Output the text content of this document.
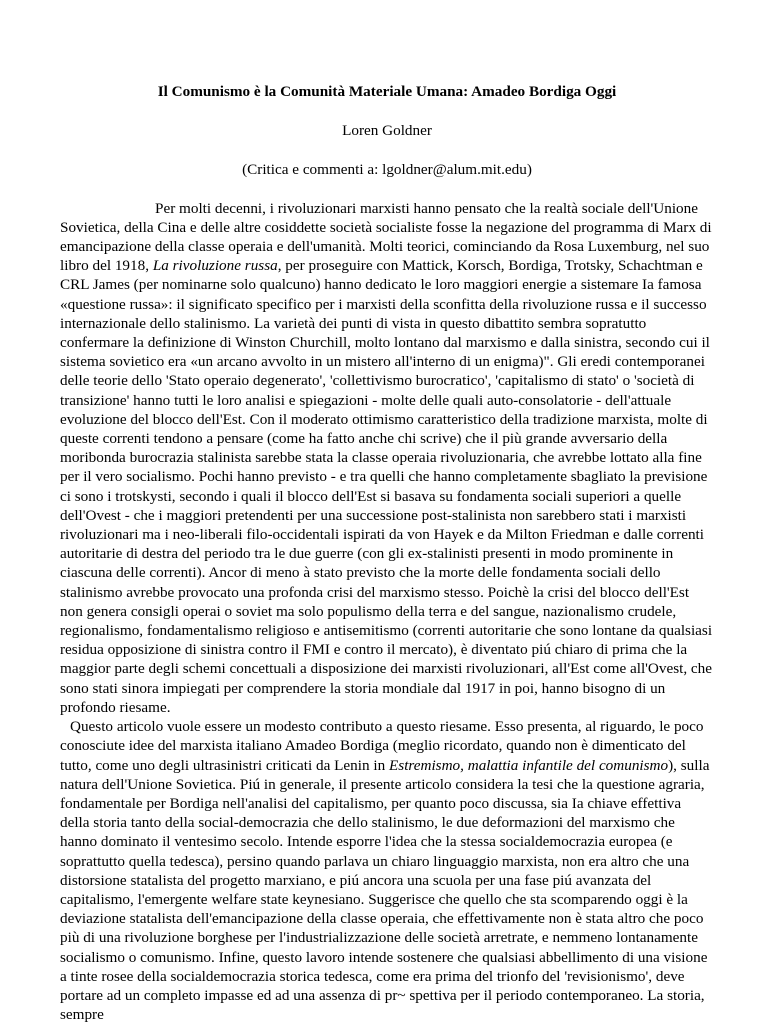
Il Comunismo è la Comunità Materiale Umana: Amadeo Bordiga Oggi
Loren Goldner
(Critica e commenti a: lgoldner@alum.mit.edu)
Per molti decenni, i rivoluzionari marxisti hanno pensato che la realtà sociale dell'Unione Sovietica, della Cina e delle altre cosiddette società socialiste fosse la negazione del programma di Marx di emancipazione della classe operaia e dell'umanità. Molti teorici, cominciando da Rosa Luxemburg, nel suo libro del 1918, La rivoluzione russa, per proseguire con Mattick, Korsch, Bordiga, Trotsky, Schachtman e CRL James (per nominarne solo qualcuno) hanno dedicato le loro maggiori energie a sistemare Ia famosa «questione russa»: il significato specifico per i marxisti della sconfitta della rivoluzione russa e il successo internazionale dello stalinismo. La varietà dei punti di vista in questo dibattito sembra sopratutto confermare la definizione di Winston Churchill, molto lontano dal marxismo e dalla sinistra, secondo cui il sistema sovietico era «un arcano avvolto in un mistero all'interno di un enigma)". Gli eredi contemporanei delle teorie dello 'Stato operaio degenerato', 'collettivismo burocratico', 'capitalismo di stato' o 'società di transizione' hanno tutti le loro analisi e spiegazioni - molte delle quali auto-consolatorie - dell'attuale evoluzione del blocco dell'Est. Con il moderato ottimismo caratteristico della tradizione marxista, molte di queste correnti tendono a pensare (come ha fatto anche chi scrive) che il più grande avversario della moribonda burocrazia stalinista sarebbe stata la classe operaia rivoluzionaria, che avrebbe lottato alla fine per il vero socialismo. Pochi hanno previsto - e tra quelli che hanno completamente sbagliato la previsione ci sono i trotskysti, secondo i quali il blocco dell'Est si basava su fondamenta sociali superiori a quelle dell'Ovest - che i maggiori pretendenti per una successione post-stalinista non sarebbero stati i marxisti rivoluzionari ma i neo-liberali filo-occidentali ispirati da von Hayek e da Milton Friedman e dalle correnti autoritarie di destra del periodo tra le due guerre (con gli ex-stalinisti presenti in modo prominente in ciascuna delle correnti). Ancor di meno à stato previsto che la morte delle fondamenta sociali dello stalinismo avrebbe provocato una profonda crisi del marxismo stesso. Poichè la crisi del blocco dell'Est non genera consigli operai o soviet ma solo populismo della terra e del sangue, nazionalismo crudele, regionalismo, fondamentalismo religioso e antisemitismo (correnti autoritarie che sono lontane da qualsiasi residua opposizione di sinistra contro il FMI e contro il mercato), è diventato piú chiaro di prima che la maggior parte degli schemi concettuali a disposizione dei marxisti rivoluzionari, all'Est come all'Ovest, che sono stati sinora impiegati per comprendere la storia mondiale dal 1917 in poi, hanno bisogno di un profondo riesame.
Questo articolo vuole essere un modesto contributo a questo riesame. Esso presenta, al riguardo, le poco conosciute idee del marxista italiano Amadeo Bordiga (meglio ricordato, quando non è dimenticato del tutto, come uno degli ultrasinistri criticati da Lenin in Estremismo, malattia infantile del comunismo), sulla natura dell'Unione Sovietica. Piú in generale, il presente articolo considera la tesi che la questione agraria, fondamentale per Bordiga nell'analisi del capitalismo, per quanto poco discussa, sia Ia chiave effettiva della storia tanto della social-democrazia che dello stalinismo, le due deformazioni del marxismo che hanno dominato il ventesimo secolo. Intende esporre l'idea che la stessa socialdemocrazia europea (e soprattutto quella tedesca), persino quando parlava un chiaro linguaggio marxista, non era altro che una distorsione statalista del progetto marxiano, e piú ancora una scuola per una fase piú avanzata del capitalismo, l'emergente welfare state keynesiano. Suggerisce che quello che sta scomparendo oggi è la deviazione statalista dell'emancipazione della classe operaia, che effettivamente non è stata altro che poco più di una rivoluzione borghese per l'industrializzazione delle società arretrate, e nemmeno lontanamente socialismo o comunismo. Infine, questo lavoro intende sostenere che qualsiasi abbellimento di una visione a tinte rosee della socialdemocrazia storica tedesca, come era prima del trionfo del 'revisionismo', deve portare ad un completo impasse ed ad una assenza di pr~ spettiva per il periodo contemporaneo. La storia, sempre
